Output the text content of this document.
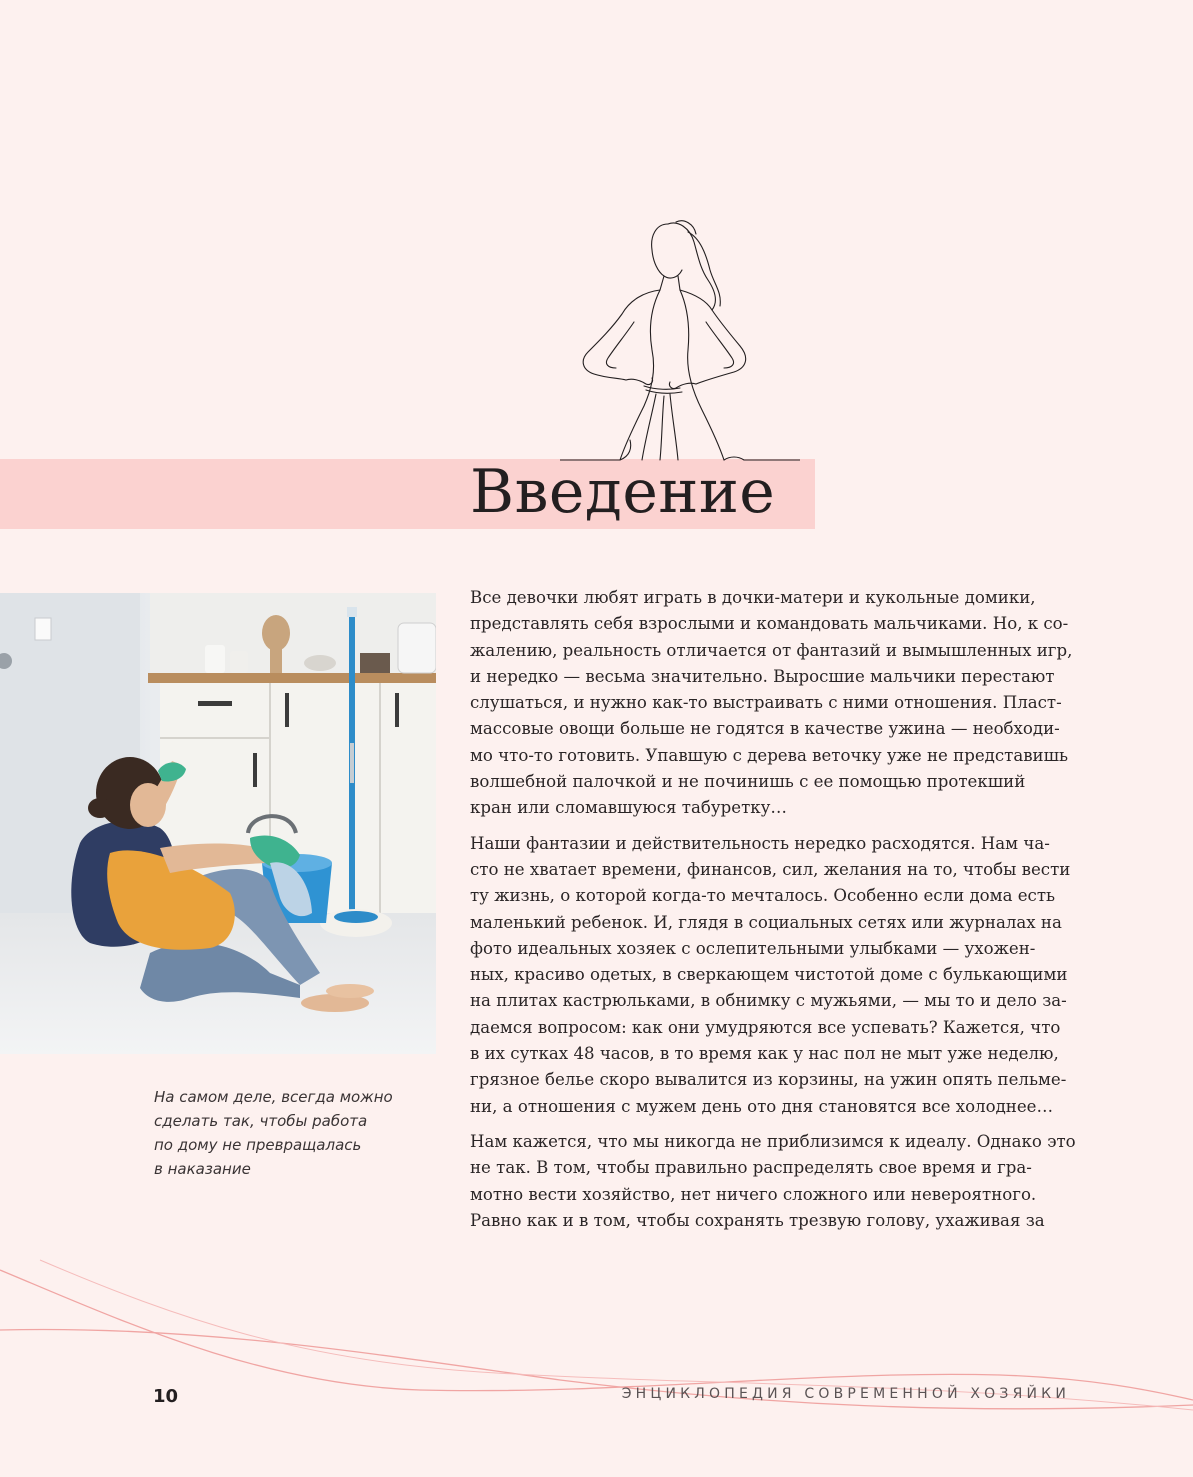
Введение
На самом деле, всегда можно
сделать так, чтобы работа
по дому не превращалась
в наказание
Все девочки любят играть в дочки-матери и кукольные домики,
представлять себя взрослыми и командовать мальчиками. Но, к со-
жалению, реальность отличается от фантазий и вымышленных игр,
и нередко — весьма значительно. Выросшие мальчики перестают
слушаться, и нужно как-то выстраивать с ними отношения. Пласт-
массовые овощи больше не годятся в качестве ужина — необходи-
мо что-то готовить. Упавшую с дерева веточку уже не представишь
волшебной палочкой и не починишь с ее помощью протекший
кран или сломавшуюся табуретку…
Наши фантазии и действительность нередко расходятся. Нам ча-
сто не хватает времени, финансов, сил, желания на то, чтобы вести
ту жизнь, о которой когда-то мечталось. Особенно если дома есть
маленький ребенок. И, глядя в социальных сетях или журналах на
фото идеальных хозяек с ослепительными улыбками — ухожен-
ных, красиво одетых, в сверкающем чистотой доме с булькающими
на плитах кастрюльками, в обнимку с мужьями, — мы то и дело за-
даемся вопросом: как они умудряются все успевать? Кажется, что
в их сутках 48 часов, в то время как у нас пол не мыт уже неделю,
грязное белье скоро вывалится из корзины, на ужин опять пельме-
ни, а отношения с мужем день ото дня становятся все холоднее…
Нам кажется, что мы никогда не приблизимся к идеалу. Однако это
не так. В том, чтобы правильно распределять свое время и гра-
мотно вести хозяйство, нет ничего сложного или невероятного.
Равно как и в том, чтобы сохранять трезвую голову, ухаживая за
10	ЭНЦИКЛОПЕДИЯ СОВРЕМЕННОЙ ХОЗЯЙКИ
